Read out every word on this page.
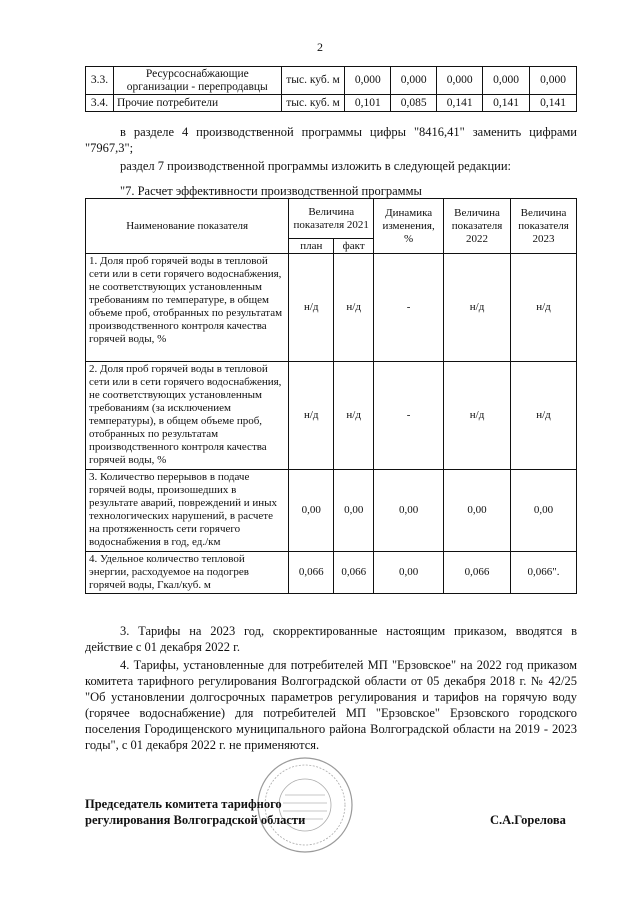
2
3.3.	Ресурсоснабжающие организации - перепродавцы	тыс. куб. м	0,000	0,000	0,000	0,000	0,000
3.4.	Прочие потребители	тыс. куб. м	0,101	0,085	0,141	0,141	0,141
в разделе 4 производственной программы цифры "8416,41" заменить цифрами "7967,3";
раздел 7 производственной программы изложить в следующей редакции:
"7. Расчет эффективности производственной программы
Наименование показателя	Величина показателя 2021		Динамика изменения, %	Величина показателя 2022	Величина показателя 2023
	план	факт			
1. Доля проб горячей воды в тепловой сети или в сети горячего водоснабжения, не соответствующих установленным требованиям по температуре, в общем объеме проб, отобранных по результатам производственного контроля качества горячей воды, %	н/д	н/д	-	н/д	н/д
2. Доля проб горячей воды в тепловой сети или в сети горячего водоснабжения, не соответствующих установленным требованиям (за исключением температуры), в общем объеме проб, отобранных по результатам производственного контроля качества горячей воды, %	н/д	н/д	-	н/д	н/д
3. Количество перерывов в подаче горячей воды, произошедших в результате аварий, повреждений и иных технологических нарушений, в расчете на протяженность сети горячего водоснабжения в год, ед./км	0,00	0,00	0,00	0,00	0,00
4. Удельное количество тепловой энергии, расходуемое на подогрев горячей воды, Гкал/куб. м	0,066	0,066	0,00	0,066	0,066".
3. Тарифы на 2023 год, скорректированные настоящим приказом, вводятся в действие с 01 декабря 2022 г.
4. Тарифы, установленные для потребителей МП "Ерзовское" на 2022 год приказом комитета тарифного регулирования Волгоградской области от 05 декабря 2018 г. № 42/25 "Об установлении долгосрочных параметров регулирования и тарифов на горячую воду (горячее водоснабжение) для потребителей МП "Ерзовское" Ерзовского городского поселения Городищенского муниципального района Волгоградской области на 2019 - 2023 годы", с 01 декабря 2022 г. не применяются.
Председатель комитета тарифного
регулирования Волгоградской области	С.А.Горелова
